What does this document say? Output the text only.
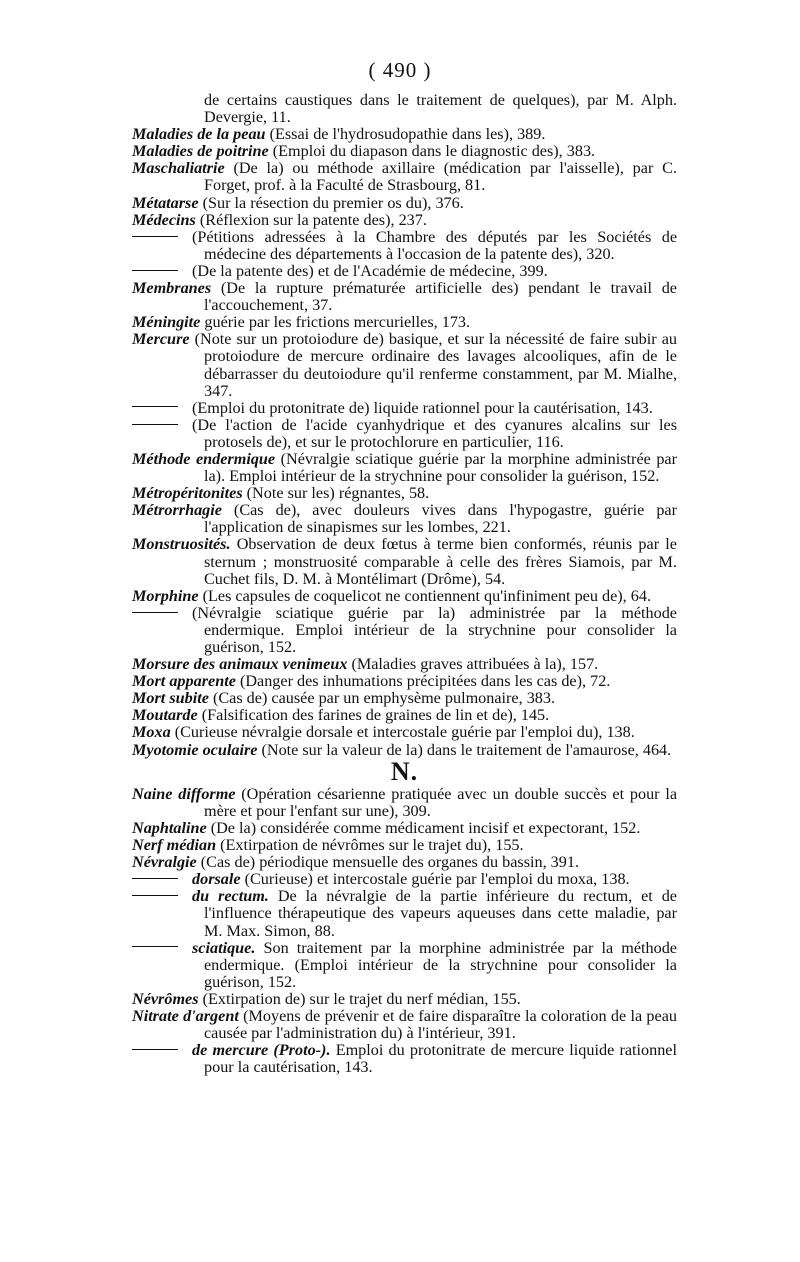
( 490 )

de certains caustiques dans le traitement de quelques), par M. Alph. Devergie, 11.

Maladies de la peau (Essai de l'hydrosudopathie dans les), 389.

Maladies de poitrine (Emploi du diapason dans le diagnostic des), 383.

Maschaliatrie (De la) ou méthode axillaire (médication par l'aisselle), par C. Forget, prof. à la Faculté de Strasbourg, 81.

Métatarse (Sur la résection du premier os du), 376.

Médecins (Réflexion sur la patente des), 237.

(Pétitions adressées à la Chambre des députés par les Sociétés de médecine des départements à l'occasion de la patente des), 320.

(De la patente des) et de l'Académie de médecine, 399.

Membranes (De la rupture prématurée artificielle des) pendant le travail de l'accouchement, 37.

Méningite guérie par les frictions mercurielles, 173.

Mercure (Note sur un protoiodure de) basique, et sur la nécessité de faire subir au protoiodure de mercure ordinaire des lavages alcooliques, afin de le débarrasser du deutoiodure qu'il renferme constamment, par M. Mialhe, 347.

(Emploi du protonitrate de) liquide rationnel pour la cautérisation, 143.

(De l'action de l'acide cyanhydrique et des cyanures alcalins sur les protosels de), et sur le protochlorure en particulier, 116.

Méthode endermique (Névralgie sciatique guérie par la morphine administrée par la). Emploi intérieur de la strychnine pour consolider la guérison, 152.

Métropéritonites (Note sur les) régnantes, 58.

Métrorrhagie (Cas de), avec douleurs vives dans l'hypogastre, guérie par l'application de sinapismes sur les lombes, 221.

Monstruosités. Observation de deux fœtus à terme bien conformés, réunis par le sternum ; monstruosité comparable à celle des frères Siamois, par M. Cuchet fils, D. M. à Montélimart (Drôme), 54.

Morphine (Les capsules de coquelicot ne contiennent qu'infiniment peu de), 64.

(Névralgie sciatique guérie par la) administrée par la méthode endermique. Emploi intérieur de la strychnine pour consolider la guérison, 152.

Morsure des animaux venimeux (Maladies graves attribuées à la), 157.

Mort apparente (Danger des inhumations précipitées dans les cas de), 72.

Mort subite (Cas de) causée par un emphysème pulmonaire, 383.

Moutarde (Falsification des farines de graines de lin et de), 145.

Moxa (Curieuse névralgie dorsale et intercostale guérie par l'emploi du), 138.

Myotomie oculaire (Note sur la valeur de la) dans le traitement de l'amaurose, 464.

N.

Naine difforme (Opération césarienne pratiquée avec un double succès et pour la mère et pour l'enfant sur une), 309.

Naphtaline (De la) considérée comme médicament incisif et expectorant, 152.

Nerf médian (Extirpation de névrômes sur le trajet du), 155.

Névralgie (Cas de) périodique mensuelle des organes du bassin, 391.

dorsale (Curieuse) et intercostale guérie par l'emploi du moxa, 138.

du rectum. De la névralgie de la partie inférieure du rectum, et de l'influence thérapeutique des vapeurs aqueuses dans cette maladie, par M. Max. Simon, 88.

sciatique. Son traitement par la morphine administrée par la méthode endermique. (Emploi intérieur de la strychnine pour consolider la guérison, 152.

Névrômes (Extirpation de) sur le trajet du nerf médian, 155.

Nitrate d'argent (Moyens de prévenir et de faire disparaître la coloration de la peau causée par l'administration du) à l'intérieur, 391.

de mercure (Proto-). Emploi du protonitrate de mercure liquide rationnel pour la cautérisation, 143.
